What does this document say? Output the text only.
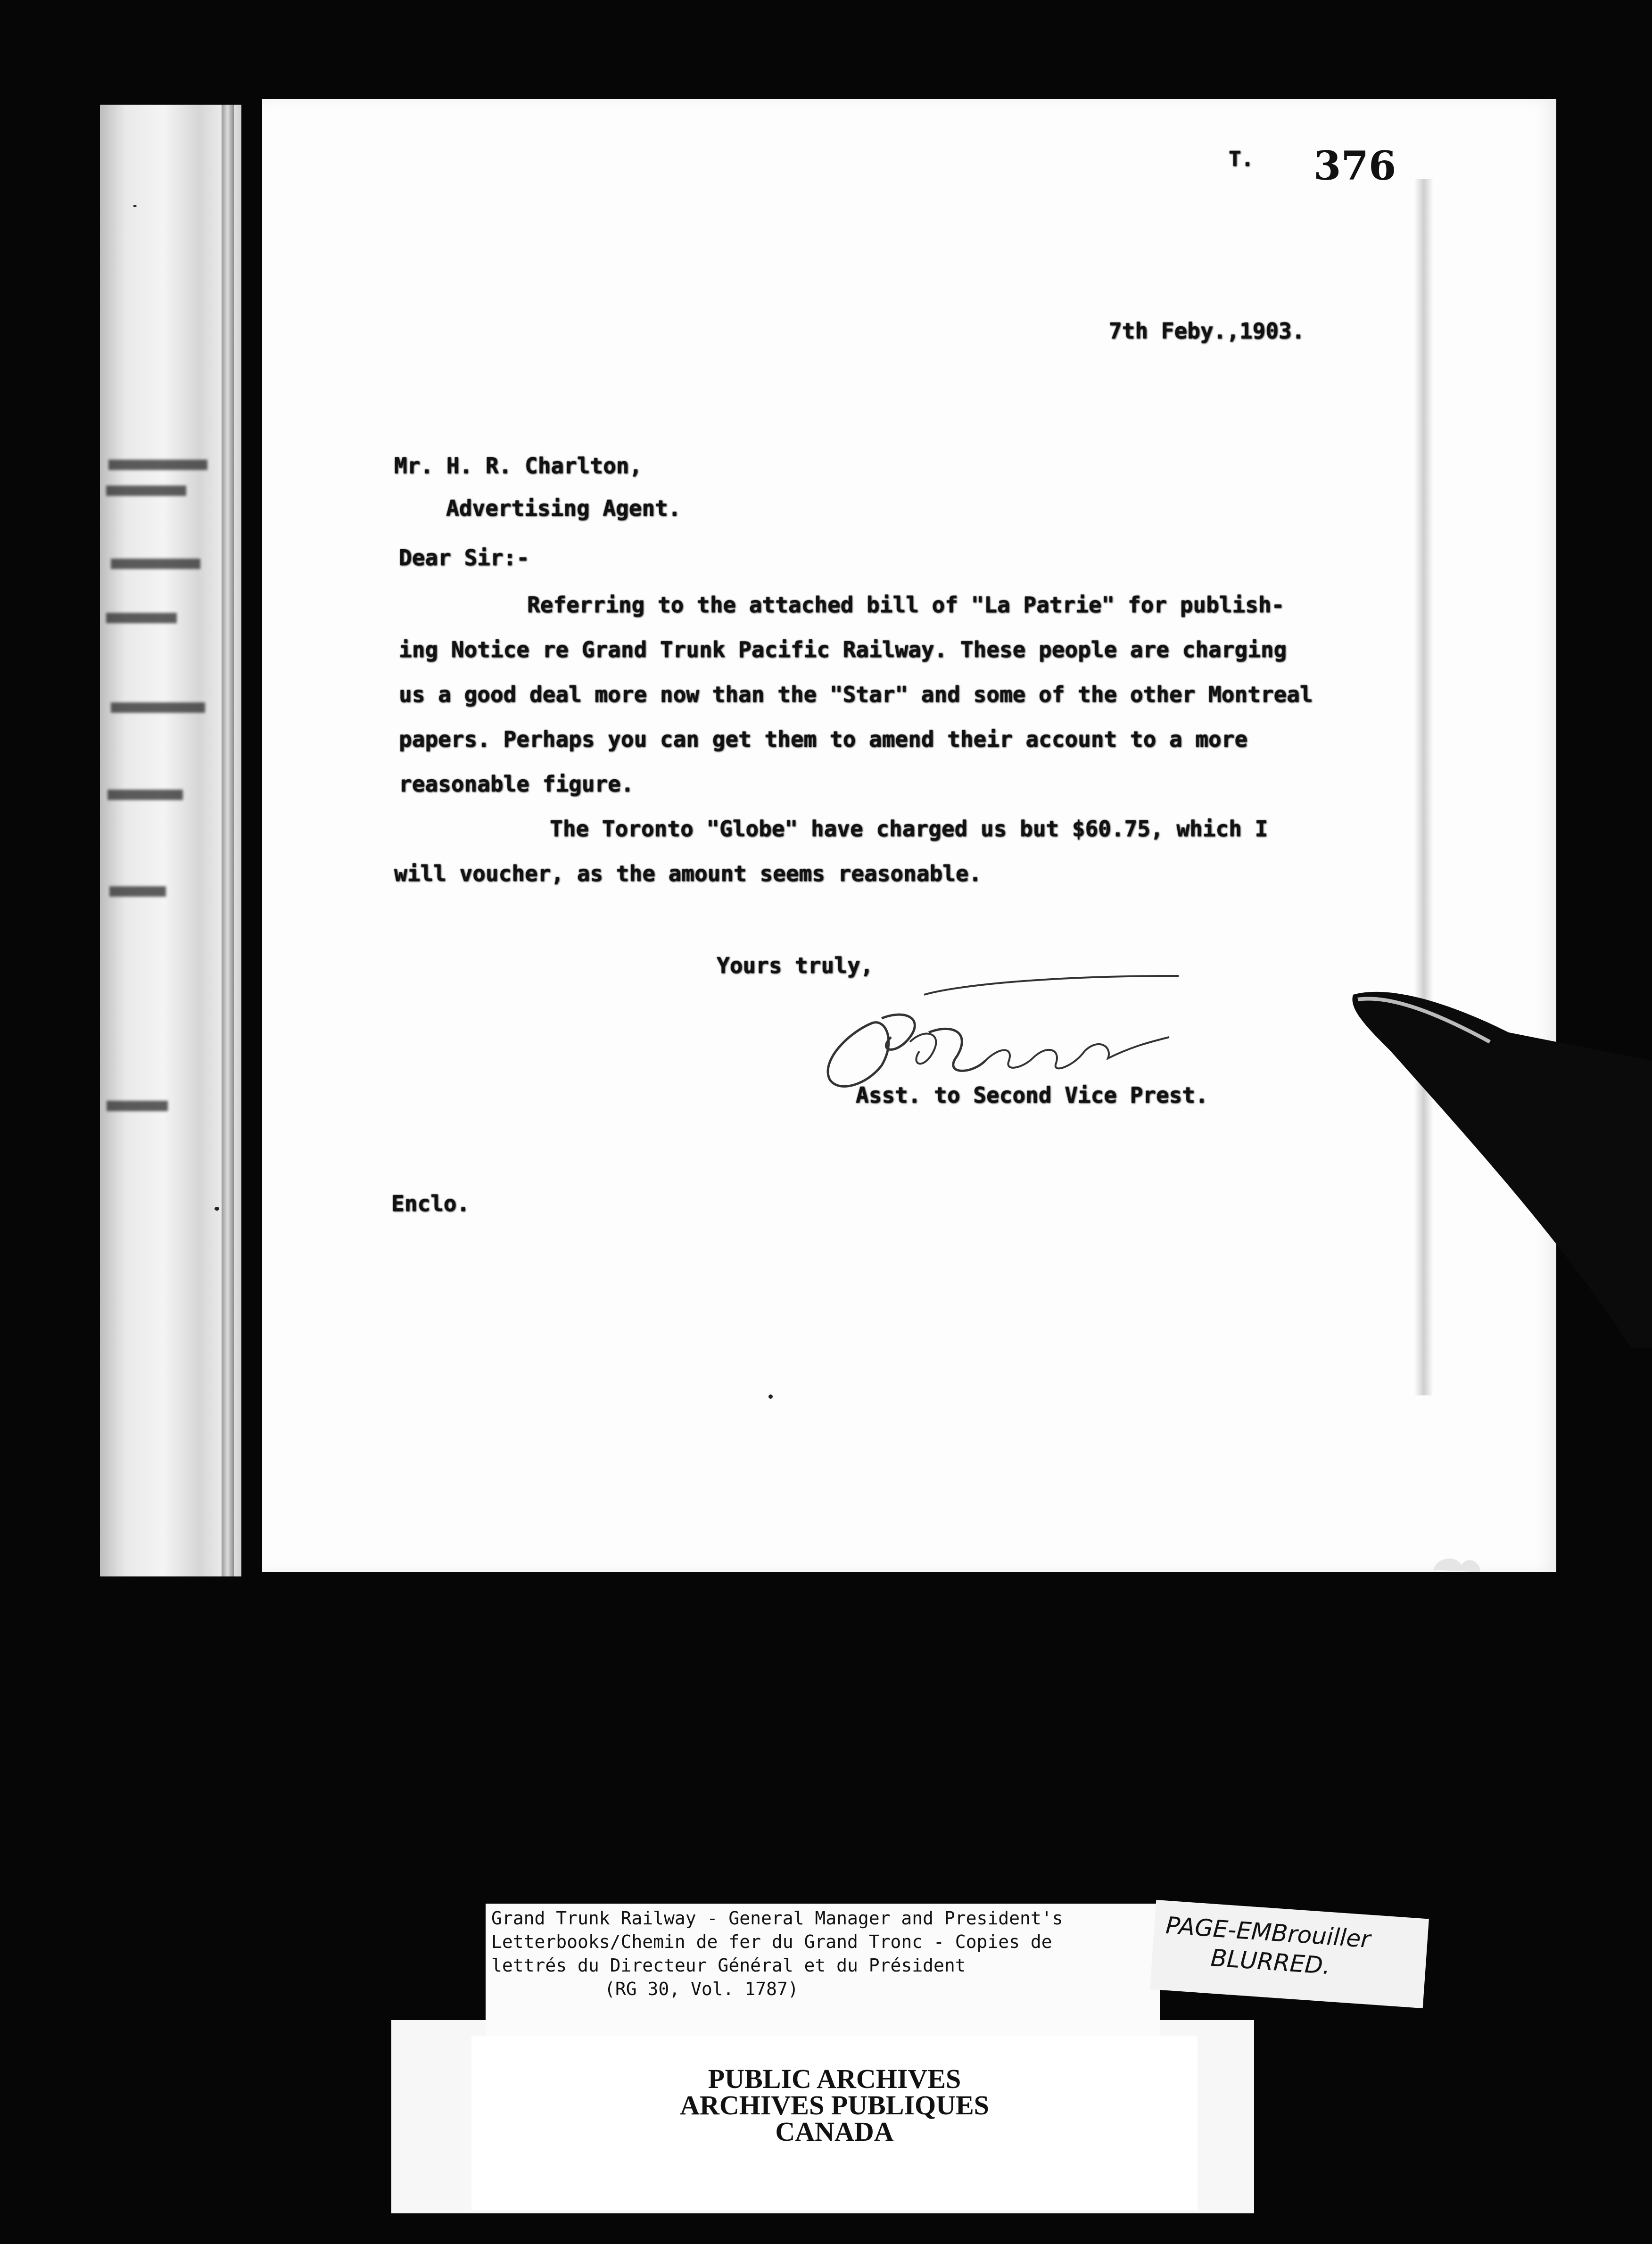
T. 376
7th Feby.,1903.
Mr. H. R. Charlton,
Advertising Agent.
Dear Sir:-
Referring to the attached bill of "La Patrie" for publish-
ing Notice re Grand Trunk Pacific Railway. These people are charging
us a good deal more now than the "Star" and some of the other Montreal
papers. Perhaps you can get them to amend their account to a more
reasonable figure.
The Toronto "Globe" have charged us but $60.75, which I
will voucher, as the amount seems reasonable.
Yours truly,
Asst. to Second Vice Prest.
Enclo.
Grand Trunk Railway - General Manager and President's
Letterbooks/Chemin de fer du Grand Tronc - Copies de
lettrés du Directeur Général et du Président
(RG 30, Vol. 1787)
PUBLIC ARCHIVES
ARCHIVES PUBLIQUES
CANADA
PAGE-EMBrouiller
BLURRED.
